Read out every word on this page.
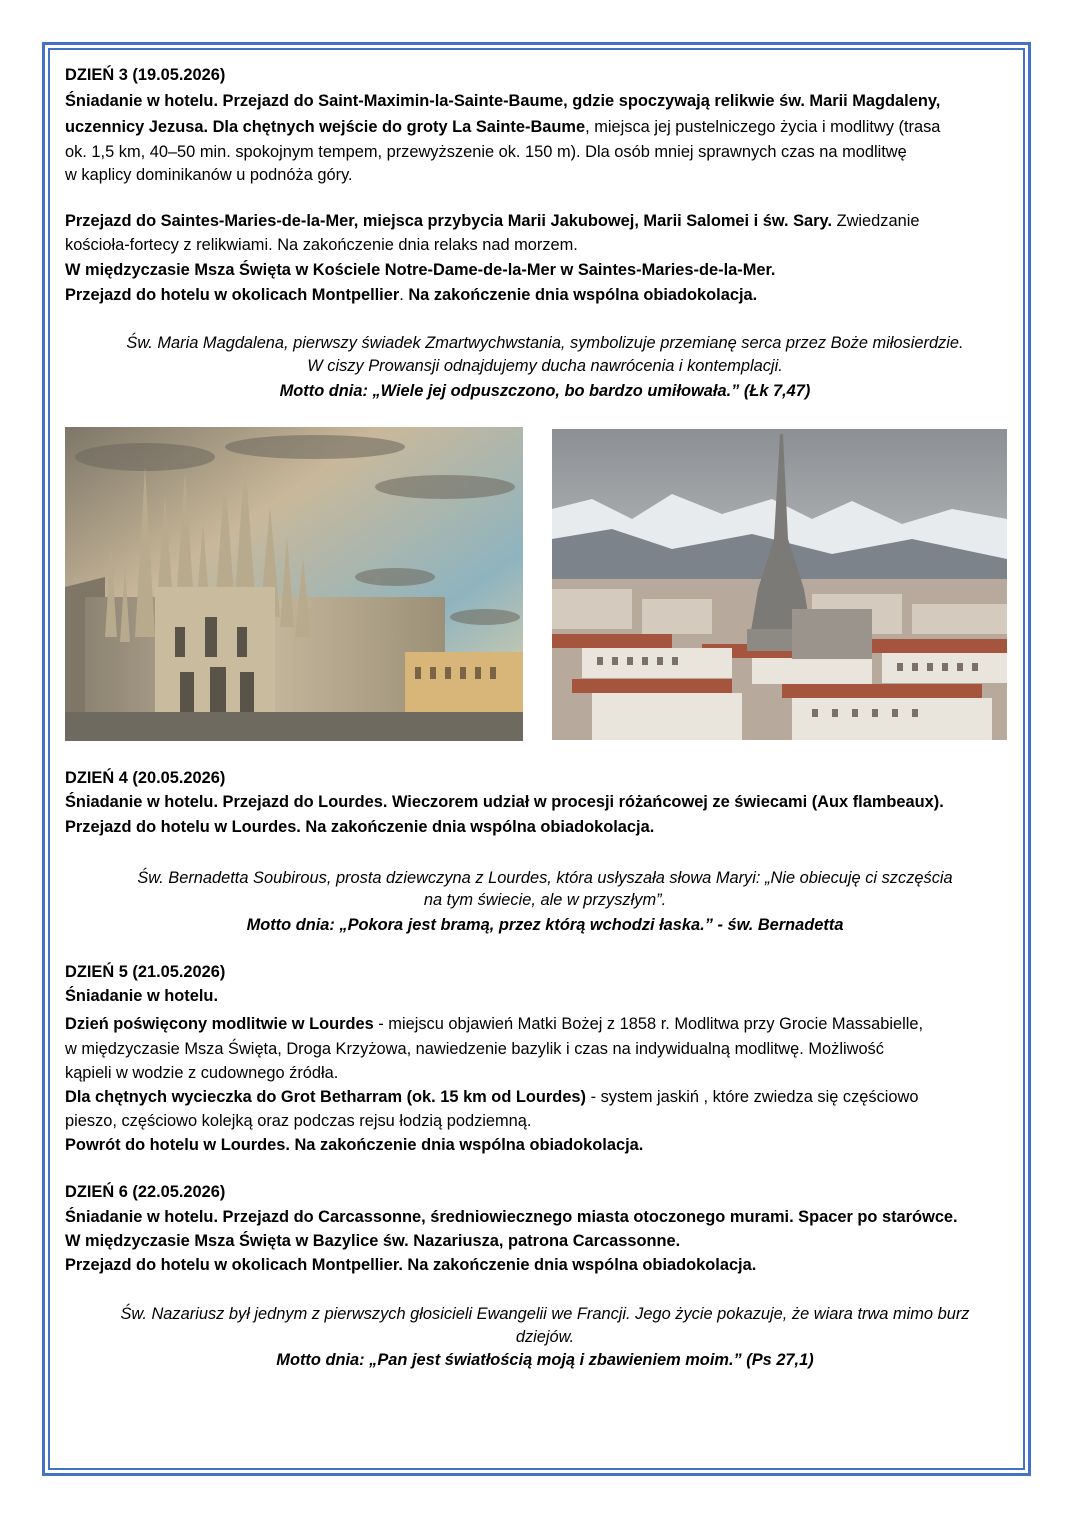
DZIEŃ 3 (19.05.2026)
Śniadanie w hotelu. Przejazd do Saint-Maximin-la-Sainte-Baume, gdzie spoczywają relikwie św. Marii Magdaleny,
uczennicy Jezusa. Dla chętnych wejście do groty La Sainte-Baume, miejsca jej pustelniczego życia i modlitwy (trasa
ok. 1,5 km, 40–50 min. spokojnym tempem, przewyższenie ok. 150 m). Dla osób mniej sprawnych czas na modlitwę
w kaplicy dominikanów u podnóża góry.
Przejazd do Saintes-Maries-de-la-Mer, miejsca przybycia Marii Jakubowej, Marii Salomei i św. Sary. Zwiedzanie
kościoła-fortecy z relikwiami. Na zakończenie dnia relaks nad morzem.
W międzyczasie Msza Święta w Kościele Notre-Dame-de-la-Mer w Saintes-Maries-de-la-Mer.
Przejazd do hotelu w okolicach Montpellier. Na zakończenie dnia wspólna obiadokolacja.
Św. Maria Magdalena, pierwszy świadek Zmartwychwstania, symbolizuje przemianę serca przez Boże miłosierdzie.
W ciszy Prowansji odnajdujemy ducha nawrócenia i kontemplacji.
Motto dnia: „Wiele jej odpuszczono, bo bardzo umiłowała.” (Łk 7,47)
DZIEŃ 4 (20.05.2026)
Śniadanie w hotelu. Przejazd do Lourdes. Wieczorem udział w procesji różańcowej ze świecami (Aux flambeaux).
Przejazd do hotelu w Lourdes. Na zakończenie dnia wspólna obiadokolacja.
Św. Bernadetta Soubirous, prosta dziewczyna z Lourdes, która usłyszała słowa Maryi: „Nie obiecuję ci szczęścia
na tym świecie, ale w przyszłym”.
Motto dnia: „Pokora jest bramą, przez którą wchodzi łaska.” - św. Bernadetta
DZIEŃ 5 (21.05.2026)
Śniadanie w hotelu.
Dzień poświęcony modlitwie w Lourdes - miejscu objawień Matki Bożej z 1858 r. Modlitwa przy Grocie Massabielle,
w międzyczasie Msza Święta, Droga Krzyżowa, nawiedzenie bazylik i czas na indywidualną modlitwę. Możliwość
kąpieli w wodzie z cudownego źródła.
Dla chętnych wycieczka do Grot Betharram (ok. 15 km od Lourdes) - system jaskiń , które zwiedza się częściowo
pieszo, częściowo kolejką oraz podczas rejsu łodzią podziemną.
Powrót do hotelu w Lourdes. Na zakończenie dnia wspólna obiadokolacja.
DZIEŃ 6 (22.05.2026)
Śniadanie w hotelu. Przejazd do Carcassonne, średniowiecznego miasta otoczonego murami. Spacer po starówce.
W międzyczasie Msza Święta w Bazylice św. Nazariusza, patrona Carcassonne.
Przejazd do hotelu w okolicach Montpellier. Na zakończenie dnia wspólna obiadokolacja.
Św. Nazariusz był jednym z pierwszych głosicieli Ewangelii we Francji. Jego życie pokazuje, że wiara trwa mimo burz
dziejów.
Motto dnia: „Pan jest światłością moją i zbawieniem moim.” (Ps 27,1)
